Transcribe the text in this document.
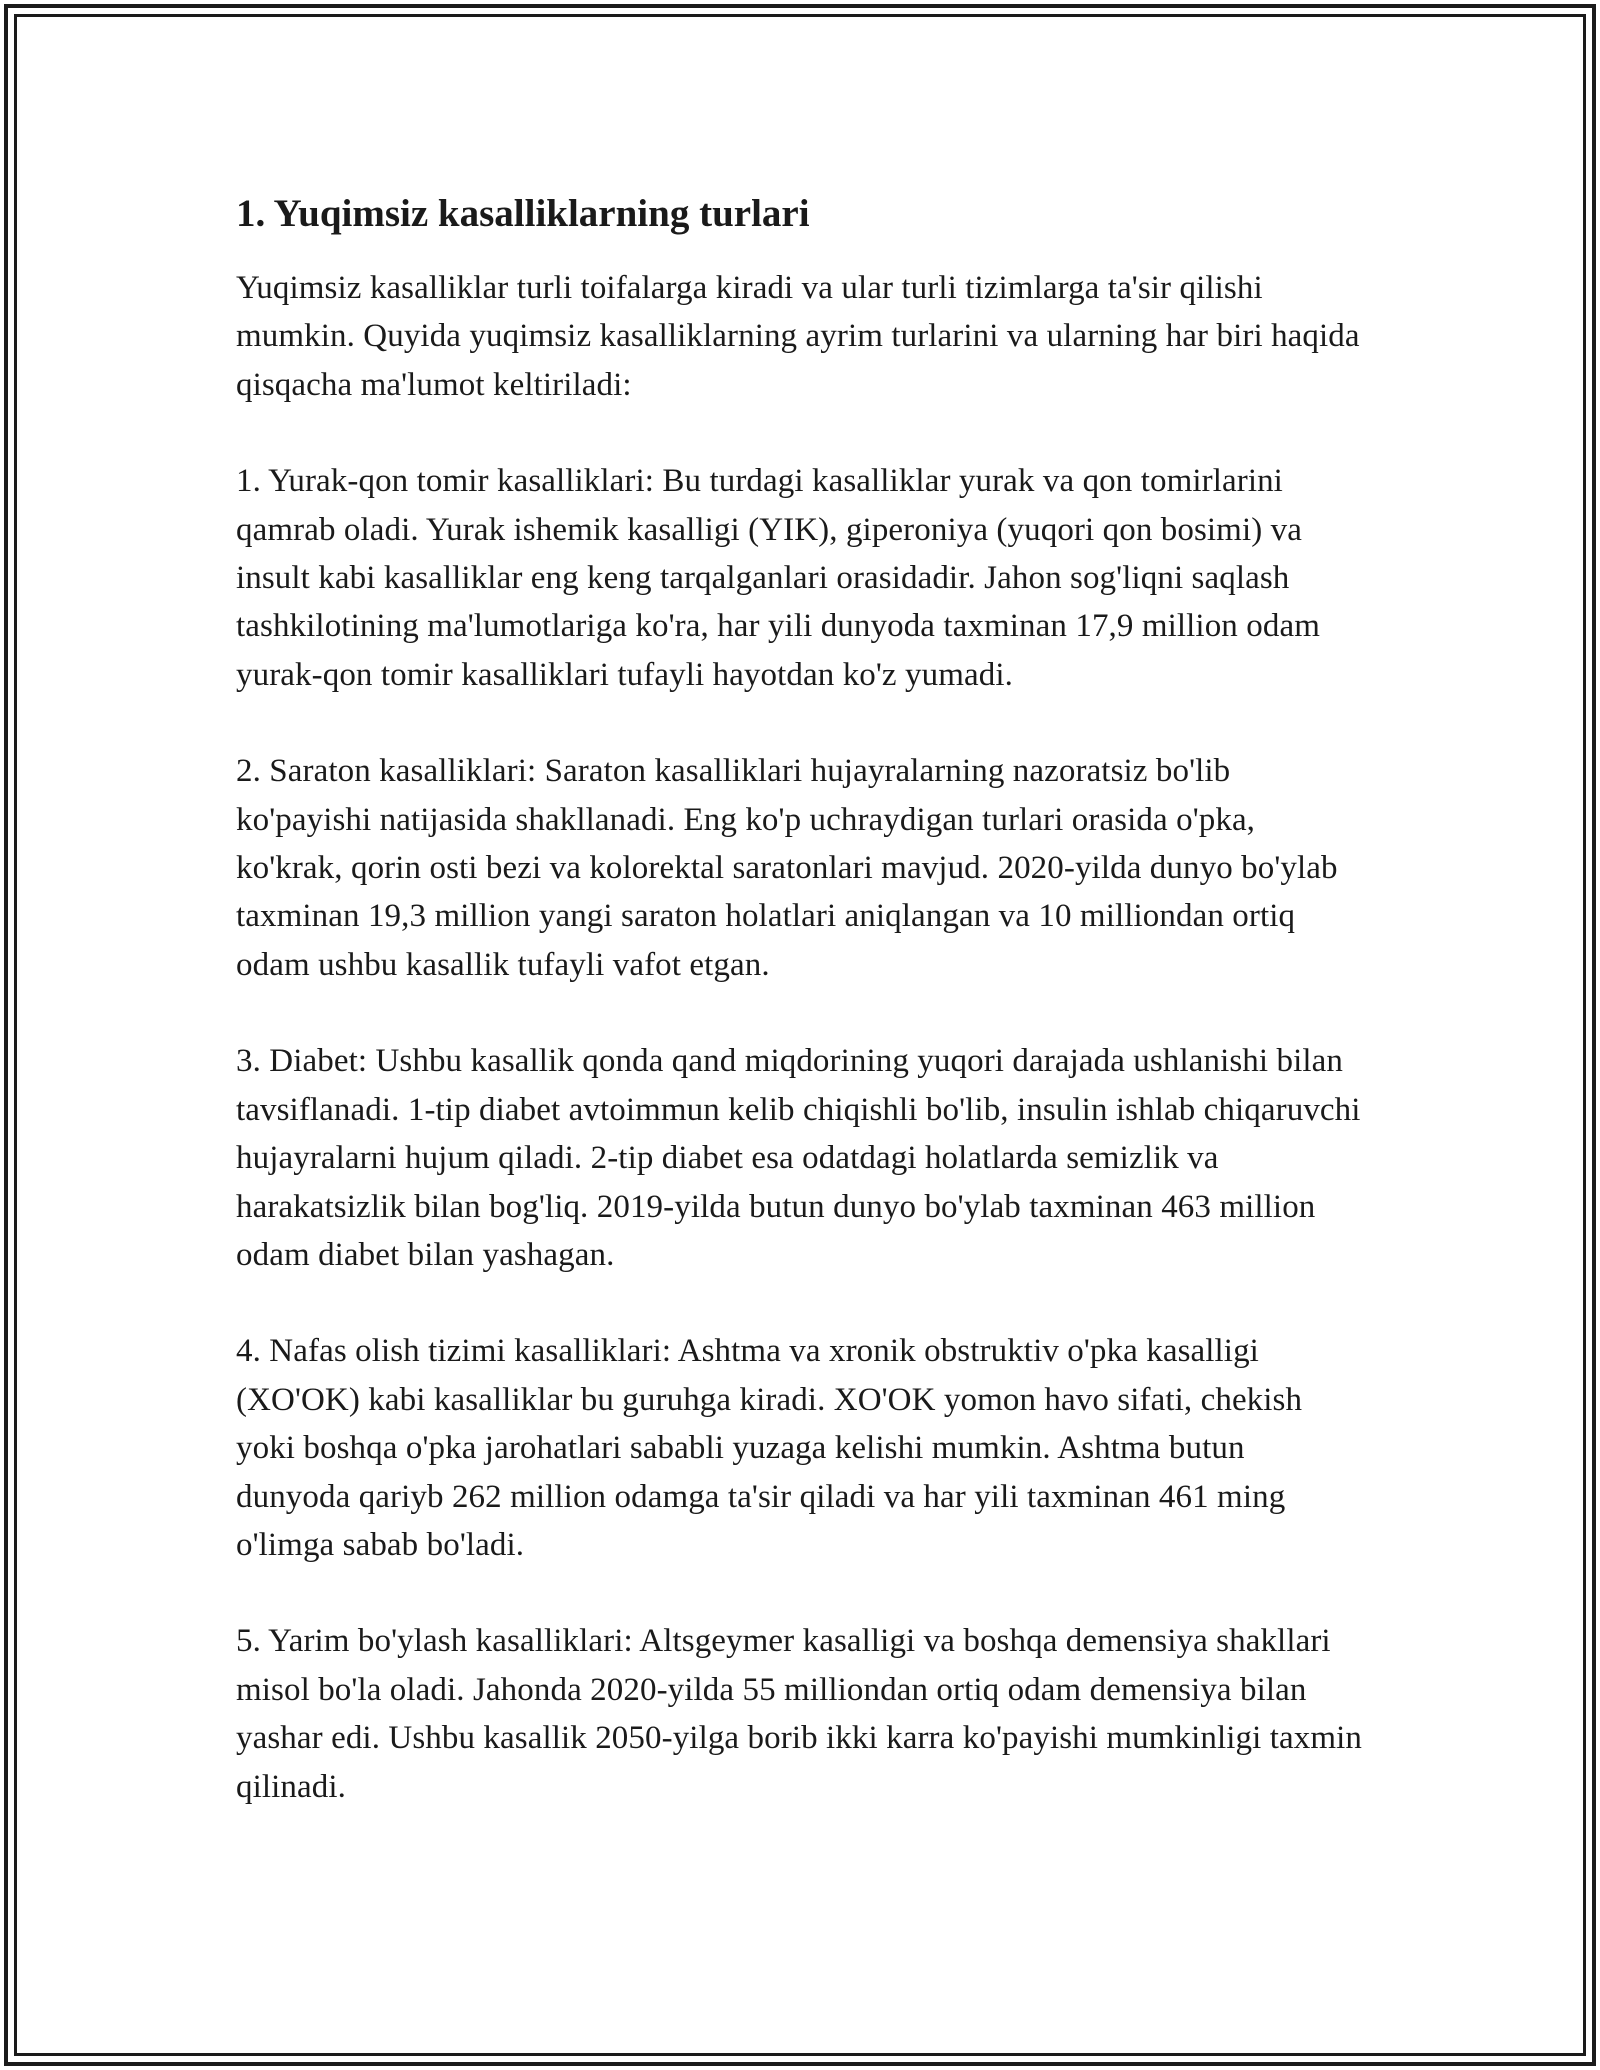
1. Yuqimsiz kasalliklarning turlari

Yuqimsiz kasalliklar turli toifalarga kiradi va ular turli tizimlarga ta'sir qilishi mumkin. Quyida yuqimsiz kasalliklarning ayrim turlarini va ularning har biri haqida qisqacha ma'lumot keltiriladi:

1. Yurak-qon tomir kasalliklari: Bu turdagi kasalliklar yurak va qon tomirlarini qamrab oladi. Yurak ishemik kasalligi (YIK), giperoniya (yuqori qon bosimi) va insult kabi kasalliklar eng keng tarqalganlari orasidadir. Jahon sog'liqni saqlash tashkilotining ma'lumotlariga ko'ra, har yili dunyoda taxminan 17,9 million odam yurak-qon tomir kasalliklari tufayli hayotdan ko'z yumadi.

2. Saraton kasalliklari: Saraton kasalliklari hujayralarning nazoratsiz bo'lib ko'payishi natijasida shakllanadi. Eng ko'p uchraydigan turlari orasida o'pka, ko'krak, qorin osti bezi va kolorektal saratonlari mavjud. 2020-yilda dunyo bo'ylab taxminan 19,3 million yangi saraton holatlari aniqlangan va 10 milliondan ortiq odam ushbu kasallik tufayli vafot etgan.

3. Diabet: Ushbu kasallik qonda qand miqdorining yuqori darajada ushlanishi bilan tavsiflanadi. 1-tip diabet avtoimmun kelib chiqishli bo'lib, insulin ishlab chiqaruvchi hujayralarni hujum qiladi. 2-tip diabet esa odatdagi holatlarda semizlik va harakatsizlik bilan bog'liq. 2019-yilda butun dunyo bo'ylab taxminan 463 million odam diabet bilan yashagan.

4. Nafas olish tizimi kasalliklari: Ashtma va xronik obstruktiv o'pka kasalligi (XO'OK) kabi kasalliklar bu guruhga kiradi. XO'OK yomon havo sifati, chekish yoki boshqa o'pka jarohatlari sababli yuzaga kelishi mumkin. Ashtma butun dunyoda qariyb 262 million odamga ta'sir qiladi va har yili taxminan 461 ming o'limga sabab bo'ladi.

5. Yarim bo'ylash kasalliklari: Altsgeymer kasalligi va boshqa demensiya shakllari misol bo'la oladi. Jahonda 2020-yilda 55 milliondan ortiq odam demensiya bilan yashar edi. Ushbu kasallik 2050-yilga borib ikki karra ko'payishi mumkinligi taxmin qilinadi.
